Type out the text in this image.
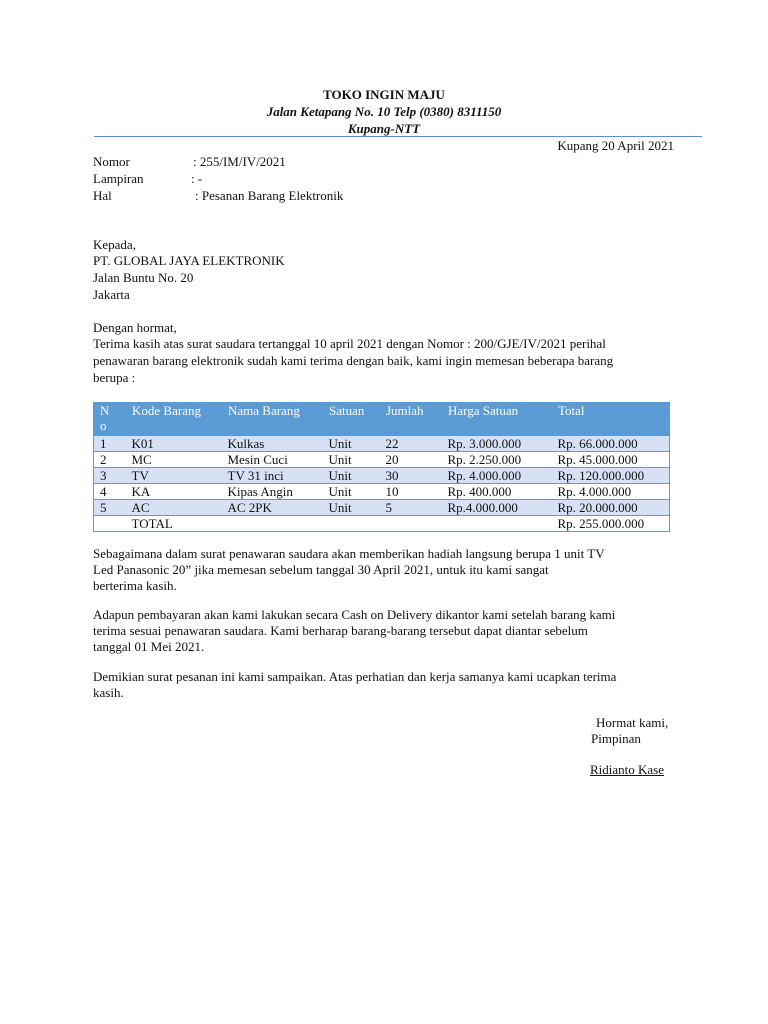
TOKO INGIN MAJU
Jalan Ketapang No. 10 Telp (0380) 8311150
Kupang-NTT
Kupang 20 April 2021
Nomor	: 255/IM/IV/2021
Lampiran	: -
Hal	: Pesanan Barang Elektronik
Kepada,
PT. GLOBAL JAYA ELEKTRONIK
Jalan Buntu No. 20
Jakarta
Dengan hormat,
Terima kasih atas surat saudara tertanggal 10 april 2021 dengan Nomor : 200/GJE/IV/2021 perihal
penawaran barang elektronik sudah kami terima dengan baik, kami ingin memesan beberapa barang
berupa :
N
o	Kode Barang	Nama Barang	Satuan	Jumlah	Harga Satuan	Total
1	K01	Kulkas	Unit	22	Rp. 3.000.000	Rp. 66.000.000
2	MC	Mesin Cuci	Unit	20	Rp. 2.250.000	Rp. 45.000.000
3	TV	TV 31 inci	Unit	30	Rp. 4.000.000	Rp. 120.000.000
4	KA	Kipas Angin	Unit	10	Rp. 400.000	Rp. 4.000.000
5	AC	AC 2PK	Unit	5	Rp.4.000.000	Rp. 20.000.000
	TOTAL					Rp. 255.000.000
Sebagaimana dalam surat penawaran saudara akan memberikan hadiah langsung berupa 1 unit TV
Led Panasonic 20” jika memesan sebelum tanggal 30 April 2021, untuk itu kami sangat
berterima kasih.
Adapun pembayaran akan kami lakukan secara Cash on Delivery dikantor kami setelah barang kami
terima sesuai penawaran saudara. Kami berharap barang-barang tersebut dapat diantar sebelum
tanggal 01 Mei 2021.
Demikian surat pesanan ini kami sampaikan. Atas perhatian dan kerja samanya kami ucapkan terima
kasih.
Hormat kami,
Pimpinan
Ridianto Kase
